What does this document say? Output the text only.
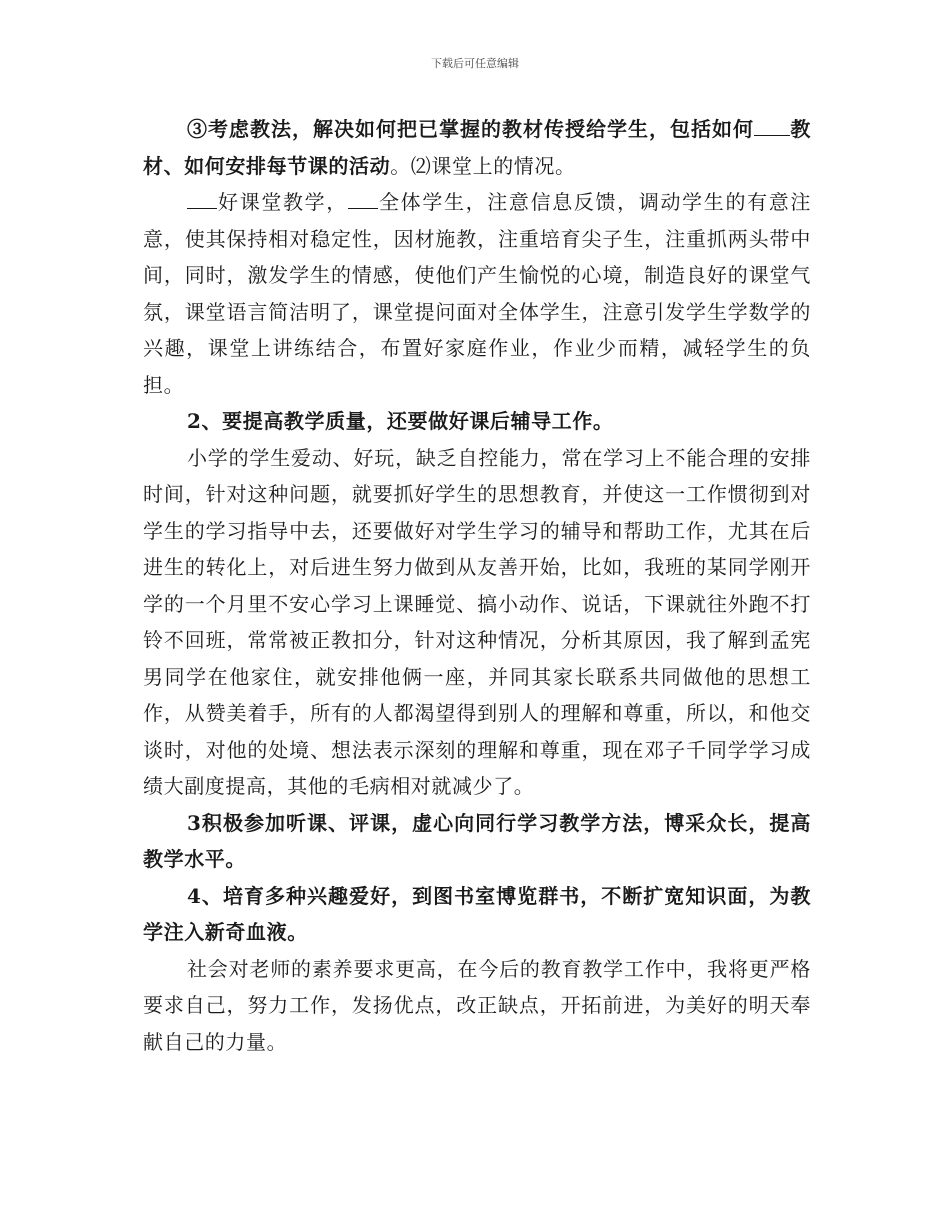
下载后可任意编辑

③考虑教法，解决如何把已掌握的教材传授给学生，包括如何 教材、如何安排每节课的活动。⑵课堂上的情况。

好课堂教学， 全体学生，注意信息反馈，调动学生的有意注意，使其保持相对稳定性，因材施教，注重培育尖子生，注重抓两头带中间，同时，激发学生的情感，使他们产生愉悦的心境，制造良好的课堂气氛，课堂语言简洁明了，课堂提问面对全体学生，注意引发学生学数学的兴趣，课堂上讲练结合，布置好家庭作业，作业少而精，减轻学生的负担。

2、要提高教学质量，还要做好课后辅导工作。

小学的学生爱动、好玩，缺乏自控能力，常在学习上不能合理的安排时间，针对这种问题，就要抓好学生的思想教育，并使这一工作惯彻到对学生的学习指导中去，还要做好对学生学习的辅导和帮助工作，尤其在后进生的转化上，对后进生努力做到从友善开始，比如，我班的某同学刚开学的一个月里不安心学习上课睡觉、搞小动作、说话，下课就往外跑不打铃不回班，常常被正教扣分，针对这种情况，分析其原因，我了解到孟宪男同学在他家住，就安排他俩一座，并同其家长联系共同做他的思想工作，从赞美着手，所有的人都渴望得到别人的理解和尊重，所以，和他交谈时，对他的处境、想法表示深刻的理解和尊重，现在邓子千同学学习成绩大副度提高，其他的毛病相对就减少了。

3积极参加听课、评课，虚心向同行学习教学方法，博采众长，提高教学水平。

4、培育多种兴趣爱好，到图书室博览群书，不断扩宽知识面，为教学注入新奇血液。

社会对老师的素养要求更高，在今后的教育教学工作中，我将更严格要求自己，努力工作，发扬优点，改正缺点，开拓前进，为美好的明天奉献自己的力量。
